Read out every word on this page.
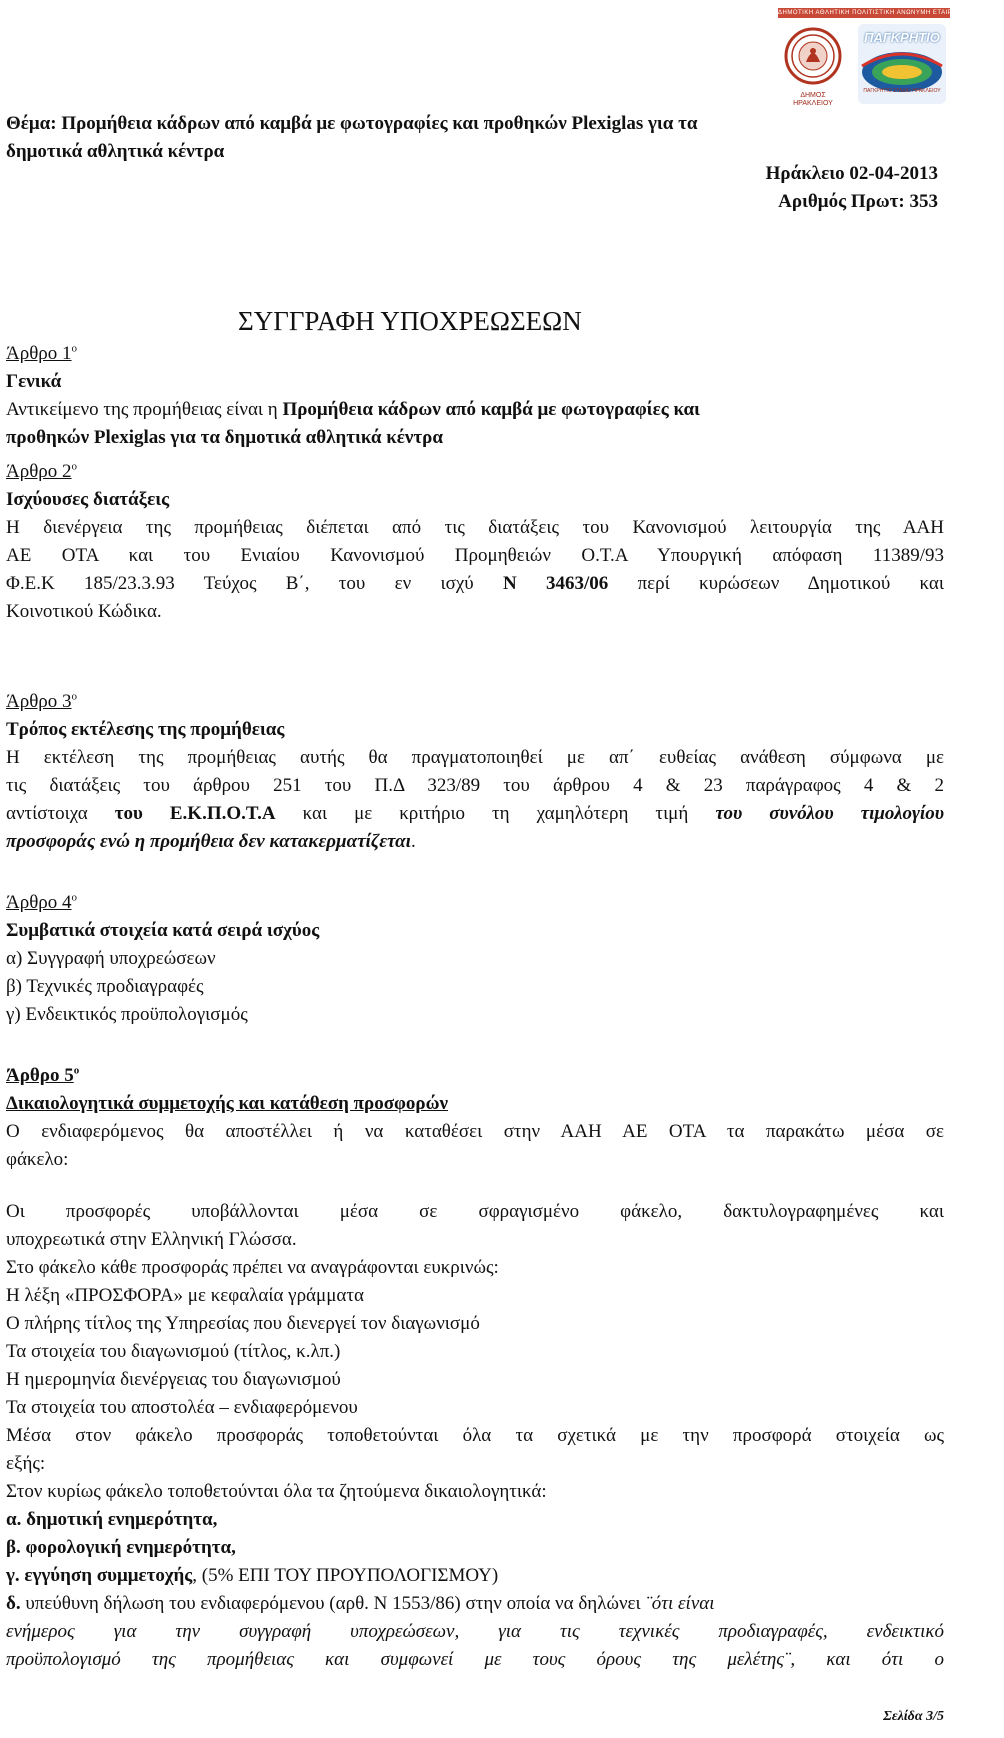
ΔΗΜΟΤΙΚΗ ΑΘΛΗΤΙΚΗ ΠΟΛΙΤΙΣΤΙΚΗ ΑΝΩΝΥΜΗ ΕΤΑΙΡΕΙΑ ΗΡΑΚΛΕΙΟΥ
ΔΗΜΟΣ ΗΡΑΚΛΕΙΟΥ
ΠΑΓΚΡΗΤΙΟ
ΠΑΓΚΡΗΤΙΟ ΣΤΑΔΙΟ ΗΡΑΚΛΕΙΟΥ

Θέμα: Προμήθεια κάδρων από καμβά με φωτογραφίες και προθηκών Plexiglas για τα

δημοτικά αθλητικά κέντρα

Ηράκλειο 02-04-2013

Αριθμός Πρωτ: 353

ΣΥΓΓΡΑΦΗ ΥΠΟΧΡΕΩΣΕΩΝ

Άρθρο $1^o$

Γενικά

Αντικείμενο της προμήθειας είναι η Προμήθεια κάδρων από καμβά με φωτογραφίες και

προθηκών Plexiglas για τα δημοτικά αθλητικά κέντρα

Άρθρο $2^o$

Ισχύουσες διατάξεις

Η διενέργεια της προμήθειας διέπεται από τις διατάξεις του Κανονισμού λειτουργία της ΑΑΗ

ΑΕ ΟΤΑ και του Ενιαίου Κανονισμού Προμηθειών Ο.Τ.Α Υπουργική απόφαση 11389/93

Φ.Ε.Κ 185/23.3.93 Τεύχος Β΄, του εν ισχύ Ν 3463/06 περί κυρώσεων Δημοτικού και

Κοινοτικού Κώδικα.

Άρθρο $3^o$

Τρόπος εκτέλεσης της προμήθειας

Η εκτέλεση της προμήθειας αυτής θα πραγματοποιηθεί με απ΄ ευθείας ανάθεση σύμφωνα με

τις διατάξεις του άρθρου 251 του Π.Δ 323/89 του άρθρου 4 & 23 παράγραφος 4 & 2

αντίστοιχα του Ε.Κ.Π.Ο.Τ.Α και με κριτήριο τη χαμηλότερη τιμή του συνόλου τιμολογίου

προσφοράς ενώ η προμήθεια δεν κατακερματίζεται.

Άρθρο $4^o$

Συμβατικά στοιχεία κατά σειρά ισχύος

α) Συγγραφή υποχρεώσεων

β) Τεχνικές προδιαγραφές

γ) Ενδεικτικός προϋπολογισμός

Άρθρο $5^o$

Δικαιολογητικά συμμετοχής και κατάθεση προσφορών

Ο ενδιαφερόμενος θα αποστέλλει ή να καταθέσει στην ΑΑΗ ΑΕ ΟΤΑ τα παρακάτω μέσα σε

φάκελο:

Οι προσφορές υποβάλλονται μέσα σε σφραγισμένο φάκελο, δακτυλογραφημένες και

υποχρεωτικά στην Ελληνική Γλώσσα.

Στο φάκελο κάθε προσφοράς πρέπει να αναγράφονται ευκρινώς:

Η λέξη «ΠΡΟΣΦΟΡΑ» με κεφαλαία γράμματα

Ο πλήρης τίτλος της Υπηρεσίας που διενεργεί τον διαγωνισμό

Τα στοιχεία του διαγωνισμού (τίτλος, κ.λπ.)

Η ημερομηνία διενέργειας του διαγωνισμού

Τα στοιχεία του αποστολέα – ενδιαφερόμενου

Μέσα στον φάκελο προσφοράς τοποθετούνται όλα τα σχετικά με την προσφορά στοιχεία ως

εξής:

Στον κυρίως φάκελο τοποθετούνται όλα τα ζητούμενα δικαιολογητικά:

α. δημοτική ενημερότητα,

β. φορολογική ενημερότητα,

γ. εγγύηση συμμετοχής, (5% ΕΠΙ ΤΟΥ ΠΡΟΥΠΟΛΟΓΙΣΜΟΥ)

δ. υπεύθυνη δήλωση του ενδιαφερόμενου (αρθ. Ν 1553/86) στην οποία να δηλώνει ¨ότι είναι

ενήμερος για την συγγραφή υποχρεώσεων, για τις τεχνικές προδιαγραφές, ενδεικτικό

προϋπολογισμό της προμήθειας και συμφωνεί με τους όρους της μελέτης¨, και ότι ο

Σελίδα 3/5
